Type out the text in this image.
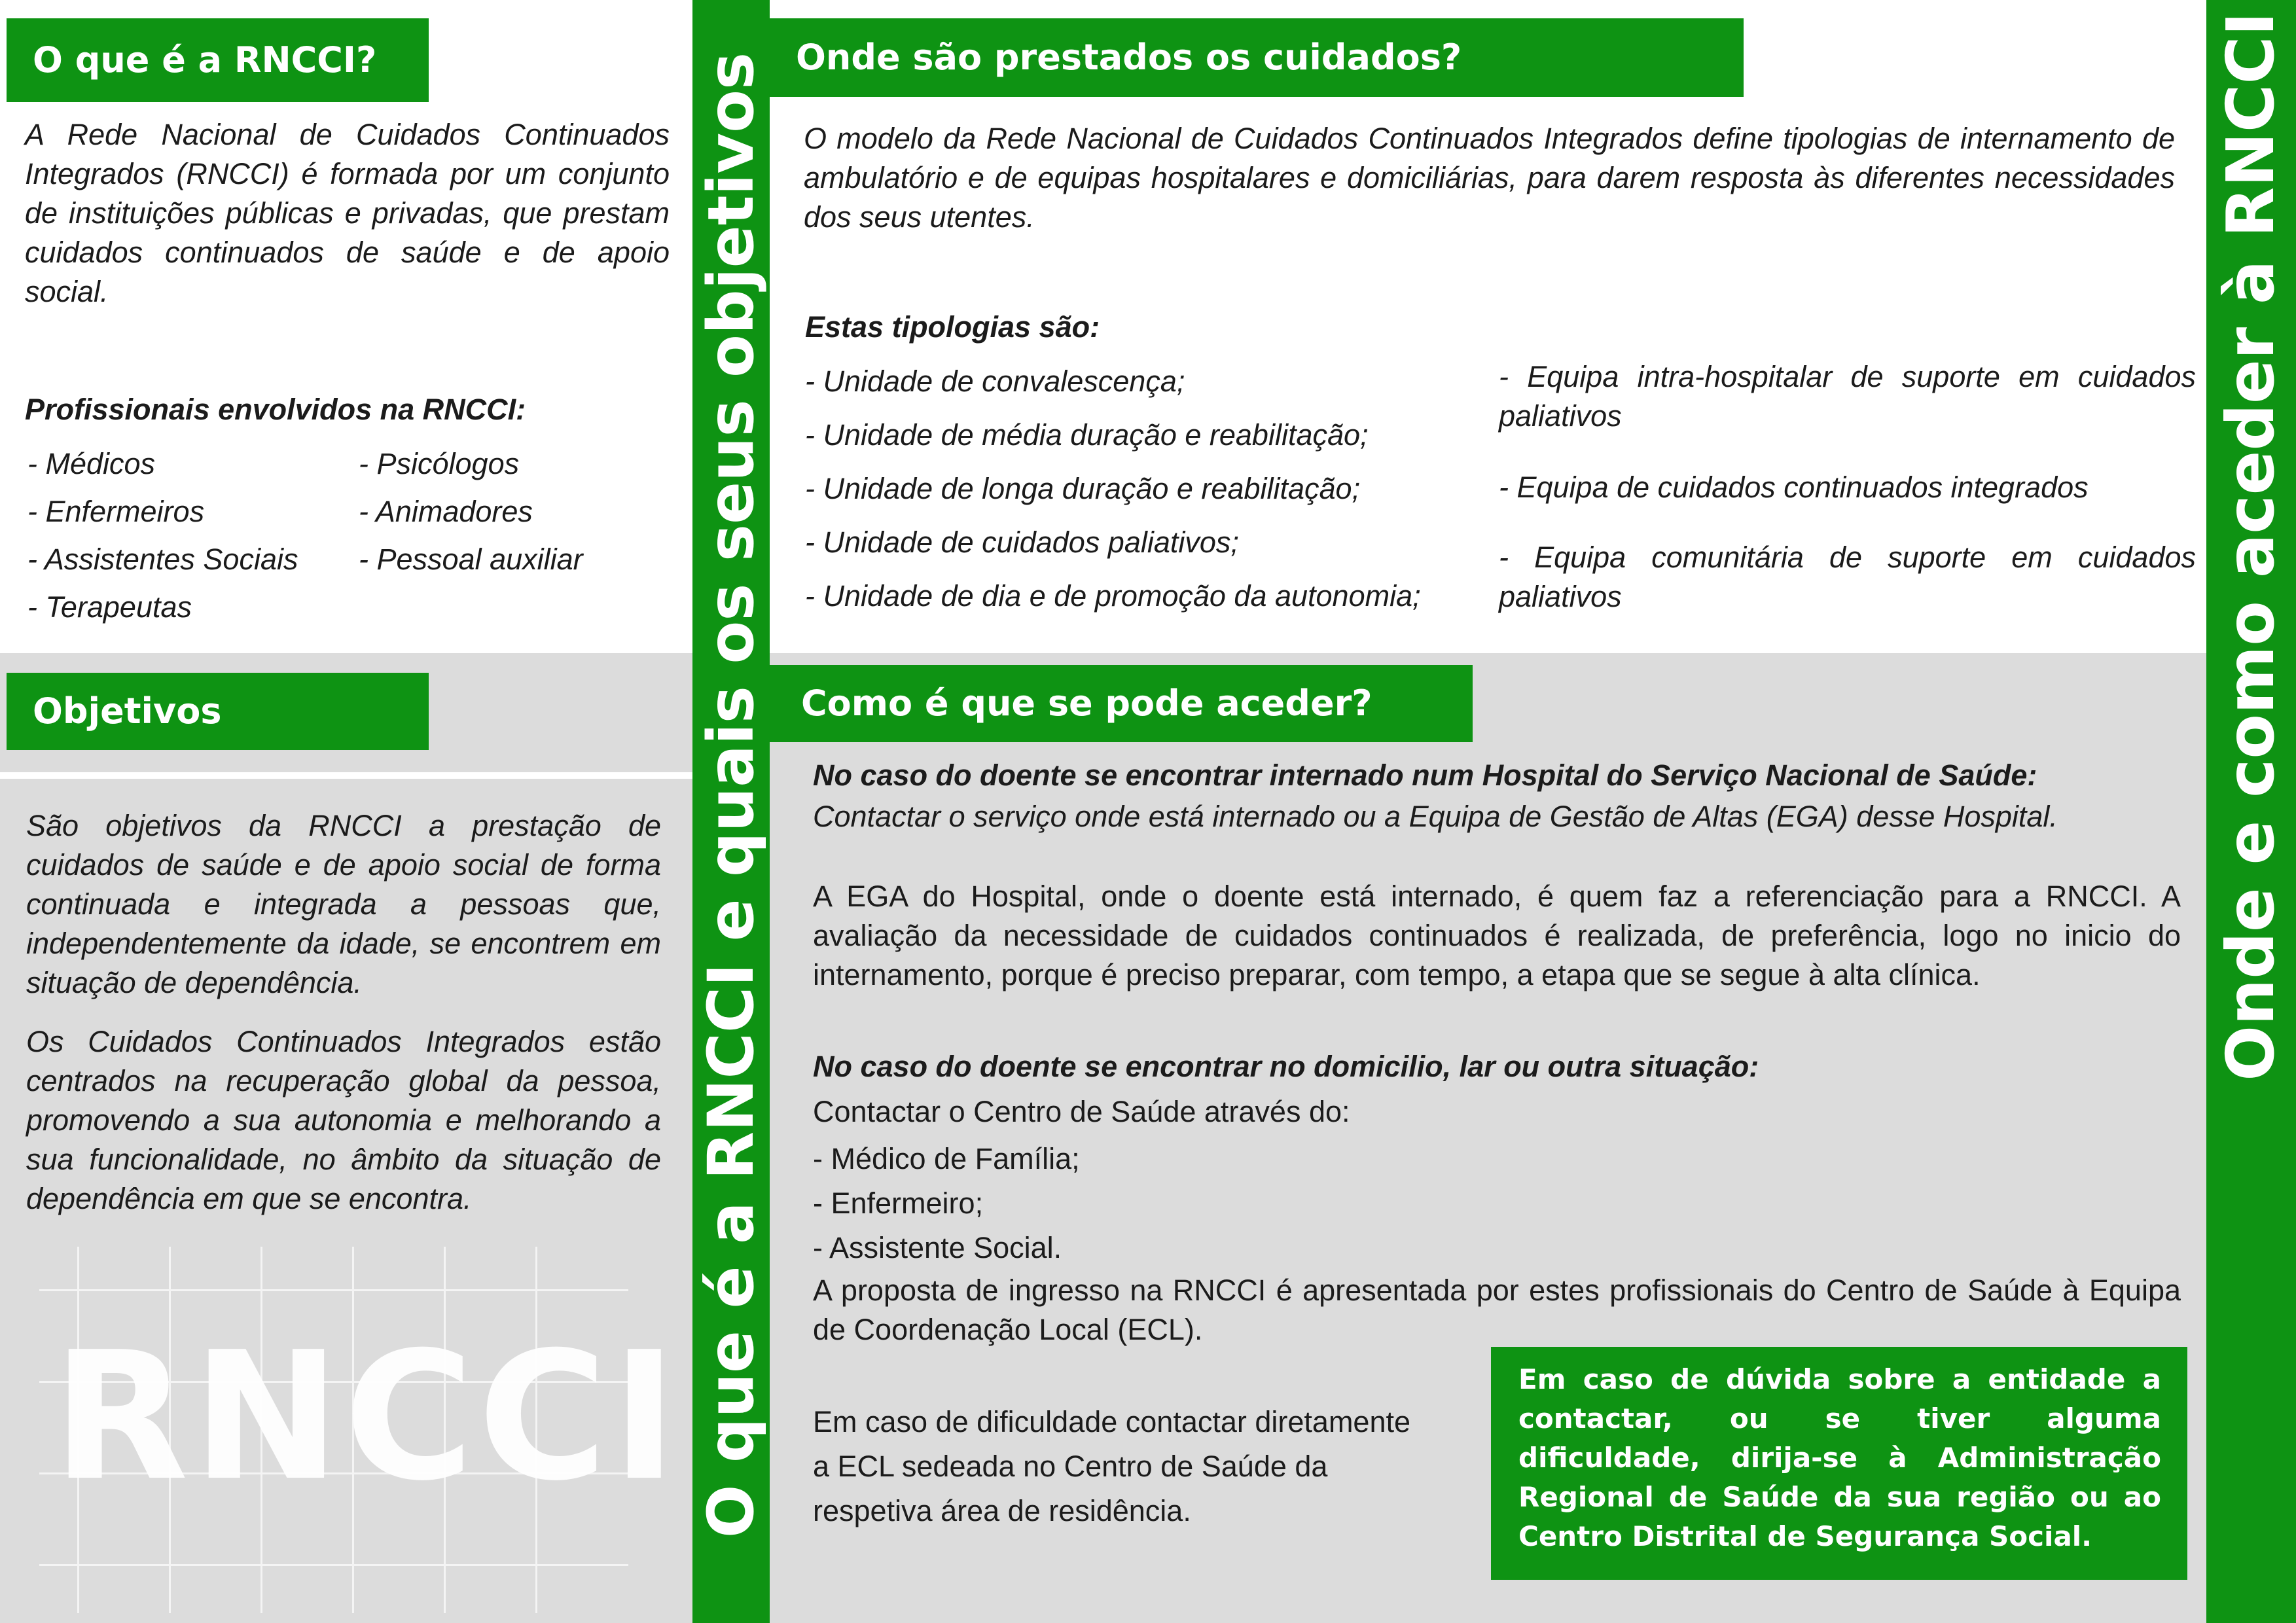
O que é a RNCCI?
A Rede Nacional de Cuidados Continuados Integrados (RNCCI) é formada por um conjunto de instituições públicas e privadas, que prestam cuidados continuados de saúde e de apoio social.
Profissionais envolvidos na RNCCI:
- Médicos
- Enfermeiros
- Assistentes Sociais
- Terapeutas
- Psicólogos
- Animadores
- Pessoal auxiliar
Objetivos
São objetivos da RNCCI a prestação de cuidados de saúde e de apoio social de forma continuada e integrada a pessoas que, independentemente da idade, se encontrem em situação de dependência.
Os Cuidados Continuados Integrados estão centrados na recuperação global da pessoa, promovendo a sua autonomia e melhorando a sua funcionalidade, no âmbito da situação de dependência em que se encontra.
RNCCI O que é a RNCCI e quais os seus objetivos	Onde e como aceder à RNCCI
Onde são prestados os cuidados?
O modelo da Rede Nacional de Cuidados Continuados Integrados define tipologias de internamento de ambulatório e de equipas hospitalares e domiciliárias, para darem resposta às diferentes necessidades dos seus utentes.
Estas tipologias são:
- Unidade de convalescença;
- Unidade de média duração e reabilitação;
- Unidade de longa duração e reabilitação;
- Unidade de cuidados paliativos;
- Unidade de dia e de promoção da autonomia;
- Equipa intra-hospitalar de suporte em cuidados paliativos
- Equipa de cuidados continuados integrados
- Equipa comunitária de suporte em cuidados paliativos
Como é que se pode aceder?
No caso do doente se encontrar internado num Hospital do Serviço Nacional de Saúde:
Contactar o serviço onde está internado ou a Equipa de Gestão de Altas (EGA) desse Hospital.
A EGA do Hospital, onde o doente está internado, é quem faz a referenciação para a RNCCI. A avaliação da necessidade de cuidados continuados é realizada, de preferência, logo no inicio do internamento, porque é preciso preparar, com tempo, a etapa que se segue à alta clínica.
No caso do doente se encontrar no domicilio, lar ou outra situação:
Contactar o Centro de Saúde através do:
- Médico de Família;
- Enfermeiro;
- Assistente Social.
A proposta de ingresso na RNCCI é apresentada por estes profissionais do Centro de Saúde à Equipa de Coordenação Local (ECL).
Em caso de dificuldade contactar diretamente
a ECL sedeada no Centro de Saúde da
respetiva área de residência.
Em caso de dúvida sobre a entidade a contactar, ou se tiver alguma dificuldade, dirija-se à Administração Regional de Saúde da sua região ou ao Centro Distrital de Segurança Social.
